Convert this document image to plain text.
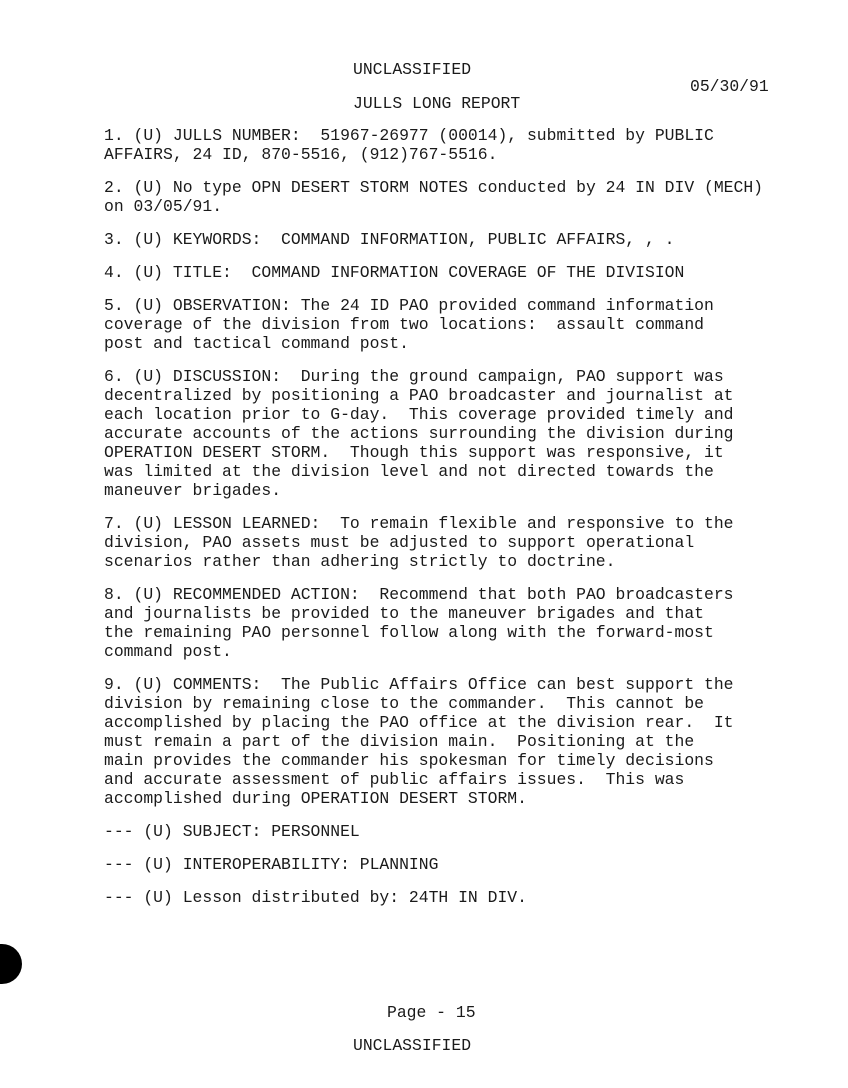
UNCLASSIFIED
05/30/91
JULLS LONG REPORT
1. (U) JULLS NUMBER:  51967-26977 (00014), submitted by PUBLIC
AFFAIRS, 24 ID, 870-5516, (912)767-5516.
2. (U) No type OPN DESERT STORM NOTES conducted by 24 IN DIV (MECH)
on 03/05/91.
3. (U) KEYWORDS:  COMMAND INFORMATION, PUBLIC AFFAIRS, , .
4. (U) TITLE:  COMMAND INFORMATION COVERAGE OF THE DIVISION
5. (U) OBSERVATION: The 24 ID PAO provided command information
coverage of the division from two locations:  assault command
post and tactical command post.
6. (U) DISCUSSION:  During the ground campaign, PAO support was
decentralized by positioning a PAO broadcaster and journalist at
each location prior to G-day.  This coverage provided timely and
accurate accounts of the actions surrounding the division during
OPERATION DESERT STORM.  Though this support was responsive, it
was limited at the division level and not directed towards the
maneuver brigades.
7. (U) LESSON LEARNED:  To remain flexible and responsive to the
division, PAO assets must be adjusted to support operational
scenarios rather than adhering strictly to doctrine.
8. (U) RECOMMENDED ACTION:  Recommend that both PAO broadcasters
and journalists be provided to the maneuver brigades and that
the remaining PAO personnel follow along with the forward-most
command post.
9. (U) COMMENTS:  The Public Affairs Office can best support the
division by remaining close to the commander.  This cannot be
accomplished by placing the PAO office at the division rear.  It
must remain a part of the division main.  Positioning at the
main provides the commander his spokesman for timely decisions
and accurate assessment of public affairs issues.  This was
accomplished during OPERATION DESERT STORM.
--- (U) SUBJECT: PERSONNEL
--- (U) INTEROPERABILITY: PLANNING
--- (U) Lesson distributed by: 24TH IN DIV.
Page - 15
UNCLASSIFIED
